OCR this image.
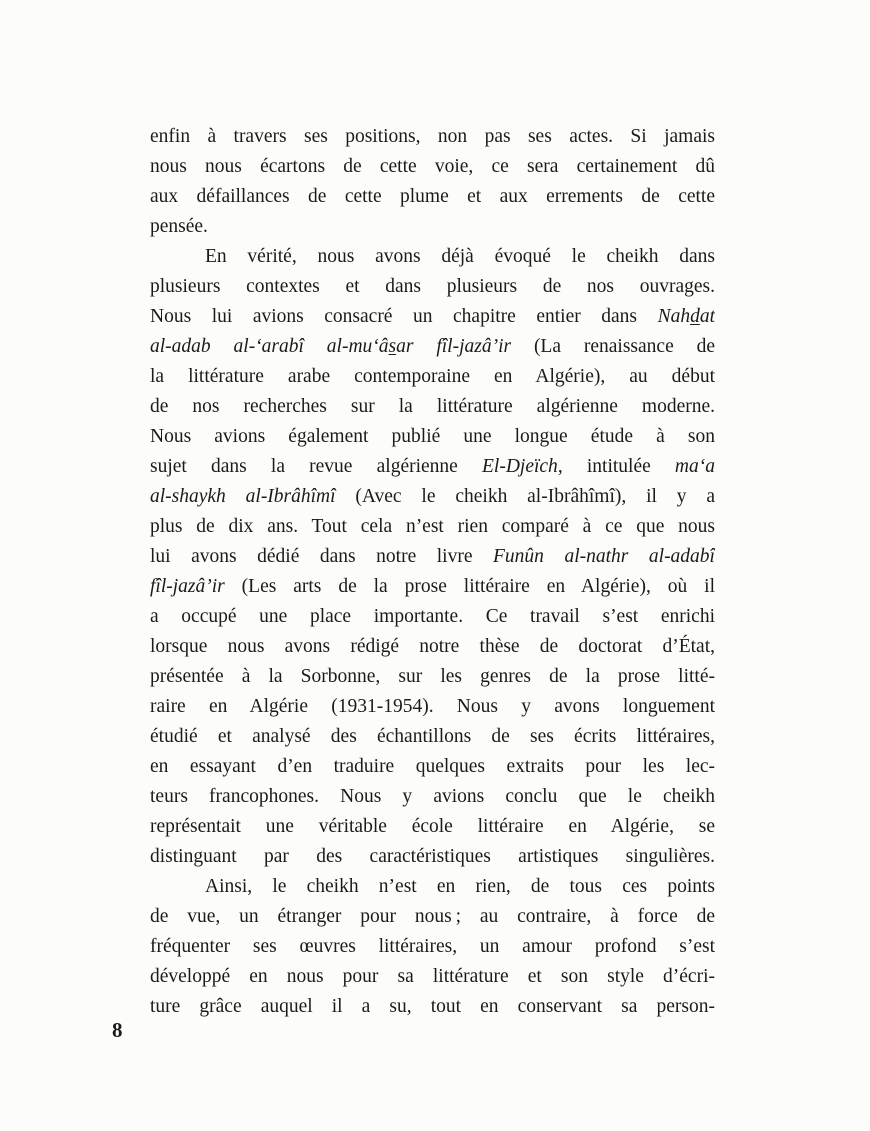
enfin à travers ses positions, non pas ses actes. Si jamais
nous nous écartons de cette voie, ce sera certainement dû
aux défaillances de cette plume et aux errements de cette
pensée.
En vérité, nous avons déjà évoqué le cheikh dans
plusieurs contextes et dans plusieurs de nos ouvrages.
Nous lui avions consacré un chapitre entier dans Nahdat
al-adab al-‘arabî al-mu‘âsar fîl-jazâ’ir (La renaissance de
la littérature arabe contemporaine en Algérie), au début
de nos recherches sur la littérature algérienne moderne.
Nous avions également publié une longue étude à son
sujet dans la revue algérienne El-Djeïch, intitulée ma‘a
al-shaykh al-Ibrâhîmî (Avec le cheikh al-Ibrâhîmî), il y a
plus de dix ans. Tout cela n’est rien comparé à ce que nous
lui avons dédié dans notre livre Funûn al-nathr al-adabî
fîl-jazâ’ir (Les arts de la prose littéraire en Algérie), où il
a occupé une place importante. Ce travail s’est enrichi
lorsque nous avons rédigé notre thèse de doctorat d’État,
présentée à la Sorbonne, sur les genres de la prose litté-
raire en Algérie (1931-1954). Nous y avons longuement
étudié et analysé des échantillons de ses écrits littéraires,
en essayant d’en traduire quelques extraits pour les lec-
teurs francophones. Nous y avions conclu que le cheikh
représentait une véritable école littéraire en Algérie, se
distinguant par des caractéristiques artistiques singulières.
Ainsi, le cheikh n’est en rien, de tous ces points
de vue, un étranger pour nous ; au contraire, à force de
fréquenter ses œuvres littéraires, un amour profond s’est
développé en nous pour sa littérature et son style d’écri-
ture grâce auquel il a su, tout en conservant sa person-
8
